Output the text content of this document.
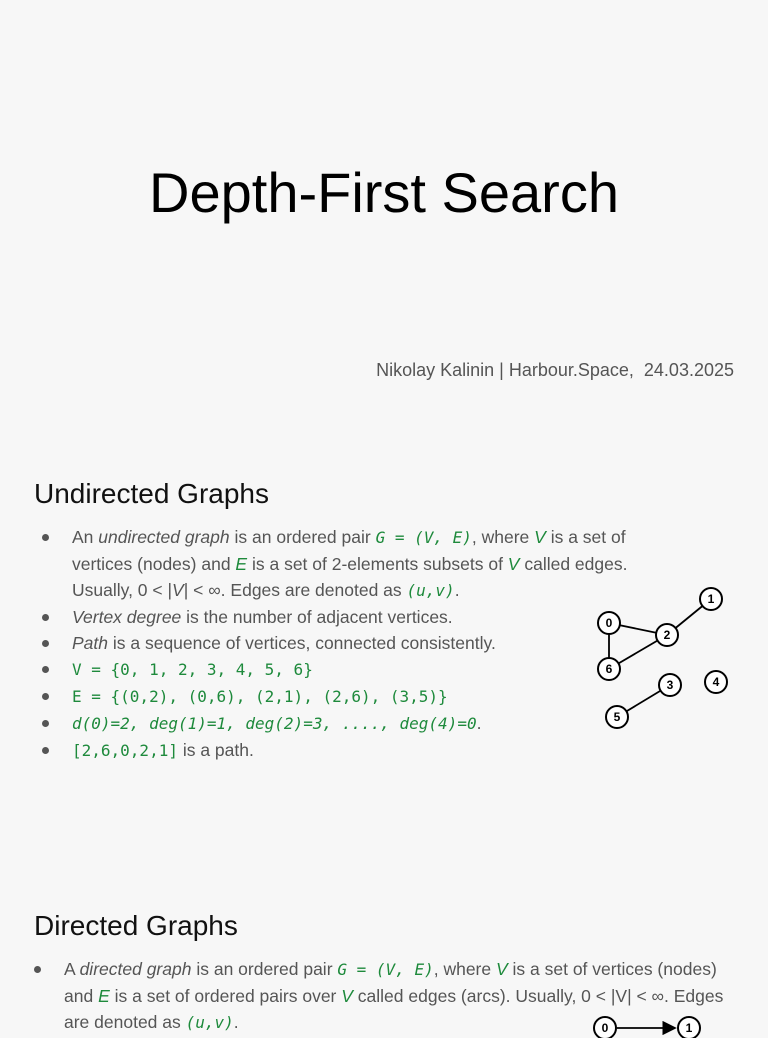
Depth-First Search
Nikolay Kalinin | Harbour.Space,  24.03.2025
Undirected Graphs
An undirected graph is an ordered pair G = (V, E), where V is a set of vertices (nodes) and E is a set of 2-elements subsets of V called edges. Usually, 0 < |V| < ∞. Edges are denoted as (u,v).
Vertex degree is the number of adjacent vertices.
Path is a sequence of vertices, connected consistently.
V = {0, 1, 2, 3, 4, 5, 6}
E = {(0,2), (0,6), (2,1), (2,6), (3,5)}
d(0)=2, deg(1)=1, deg(2)=3, ...., deg(4)=0.
[2,6,0,2,1] is a path.
0
1
2
3	4
5
6
Directed Graphs
A directed graph is an ordered pair G = (V, E), where V is a set of vertices (nodes) and E is a set of ordered pairs over V called edges (arcs). Usually, 0 < |V| < ∞. Edges are denoted as (u,v).	0	1
